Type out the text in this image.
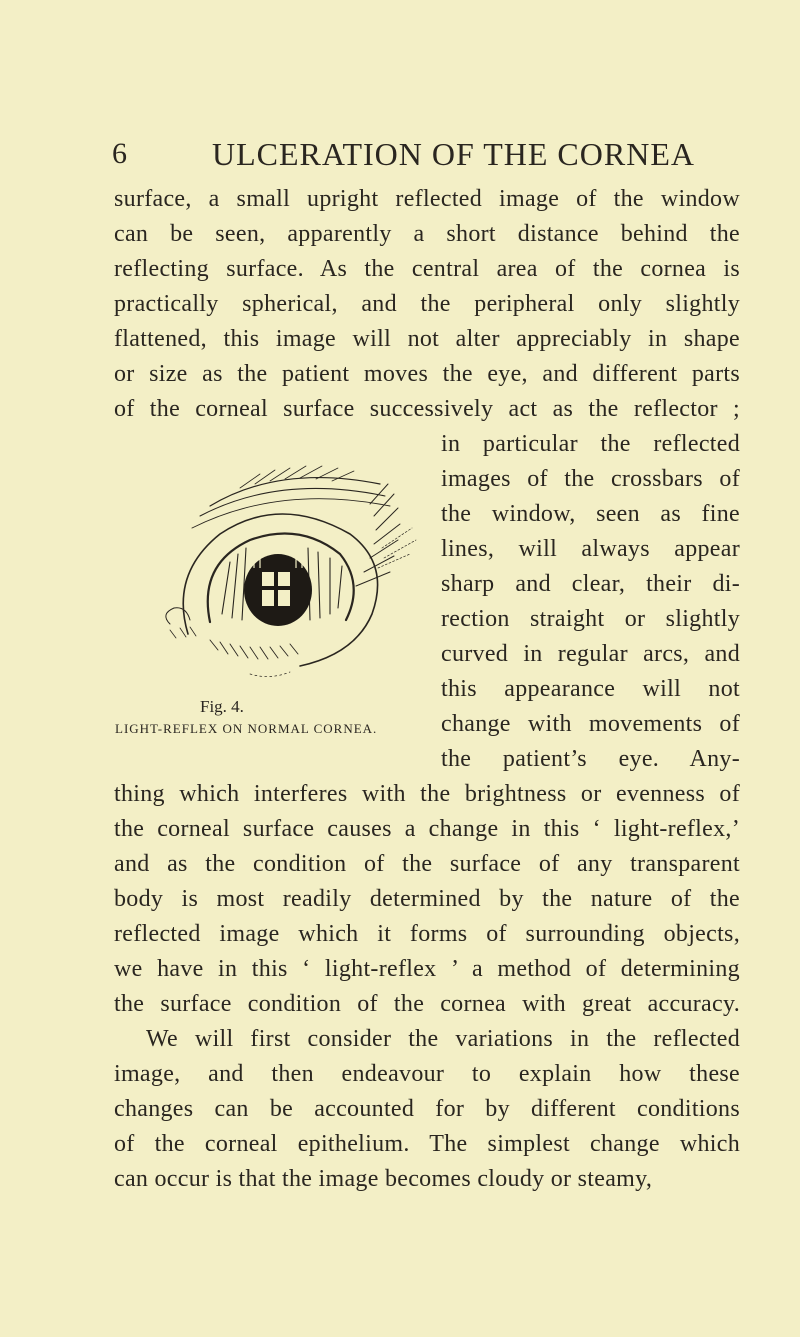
6	ULCERATION OF THE CORNEA
surface, a small upright reflected image of the window
can be seen, apparently a short distance behind the
reflecting surface. As the central area of the cornea is
practically spherical, and the peripheral only slightly
flattened, this image will not alter appreciably in shape
or size as the patient moves the eye, and different parts
of the corneal surface successively act as the reflector ;
in particular the reflected
images of the crossbars of
the window, seen as fine
lines, will always appear
sharp and clear, their di-
rection straight or slightly
curved in regular arcs, and
this appearance will not
change with movements of
the patient’s eye. Any-
thing which interferes with the brightness or evenness of
the corneal surface causes a change in this ‘ light-reflex,’
and as the condition of the surface of any transparent
body is most readily determined by the nature of the
reflected image which it forms of surrounding objects,
we have in this ‘ light-reflex ’ a method of determining
the surface condition of the cornea with great accuracy.
We will first consider the variations in the reflected
image, and then endeavour to explain how these
changes can be accounted for by different conditions
of the corneal epithelium. The simplest change which
can occur is that the image becomes cloudy or steamy,
Fig. 4.
LIGHT-REFLEX ON NORMAL CORNEA.
